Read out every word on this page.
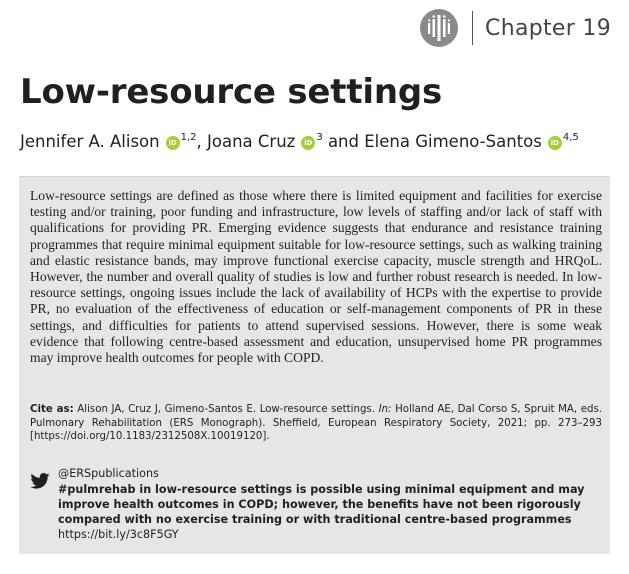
Chapter 19
Low-resource settings
Jennifer A. Alison iD $^{1,2}$, Joana Cruz iD $^3$ and Elena Gimeno-Santos iD $^{4,5}$

Low-resource settings are defined as those where there is limited equipment and facilities for exercise testing and/or training, poor funding and infrastructure, low levels of staffing and/or lack of staff with qualifications for providing PR. Emerging evidence suggests that endurance and resistance training programmes that require minimal equipment suitable for low-resource settings, such as walking training and elastic resistance bands, may improve functional exercise capacity, muscle strength and HRQoL. However, the number and overall quality of studies is low and further robust research is needed. In low-resource settings, ongoing issues include the lack of availability of HCPs with the expertise to provide PR, no evaluation of the effectiveness of education or self-management components of PR in these settings, and difficulties for patients to attend supervised sessions. However, there is some weak evidence that following centre-based assessment and education, unsupervised home PR programmes may improve health outcomes for people with COPD.

Cite as: Alison JA, Cruz J, Gimeno-Santos E. Low-resource settings. In: Holland AE, Dal Corso S, Spruit MA, eds. Pulmonary Rehabilitation (ERS Monograph). Sheffield, European Respiratory Society, 2021; pp. 273–293 [https://doi.org/10.1183/2312508X.10019120].

@ERSpublications
#pulmrehab in low-resource settings is possible using minimal equipment and may improve health outcomes in COPD; however, the benefits have not been rigorously compared with no exercise training or with traditional centre-based programmes
https://bit.ly/3c8F5GY
